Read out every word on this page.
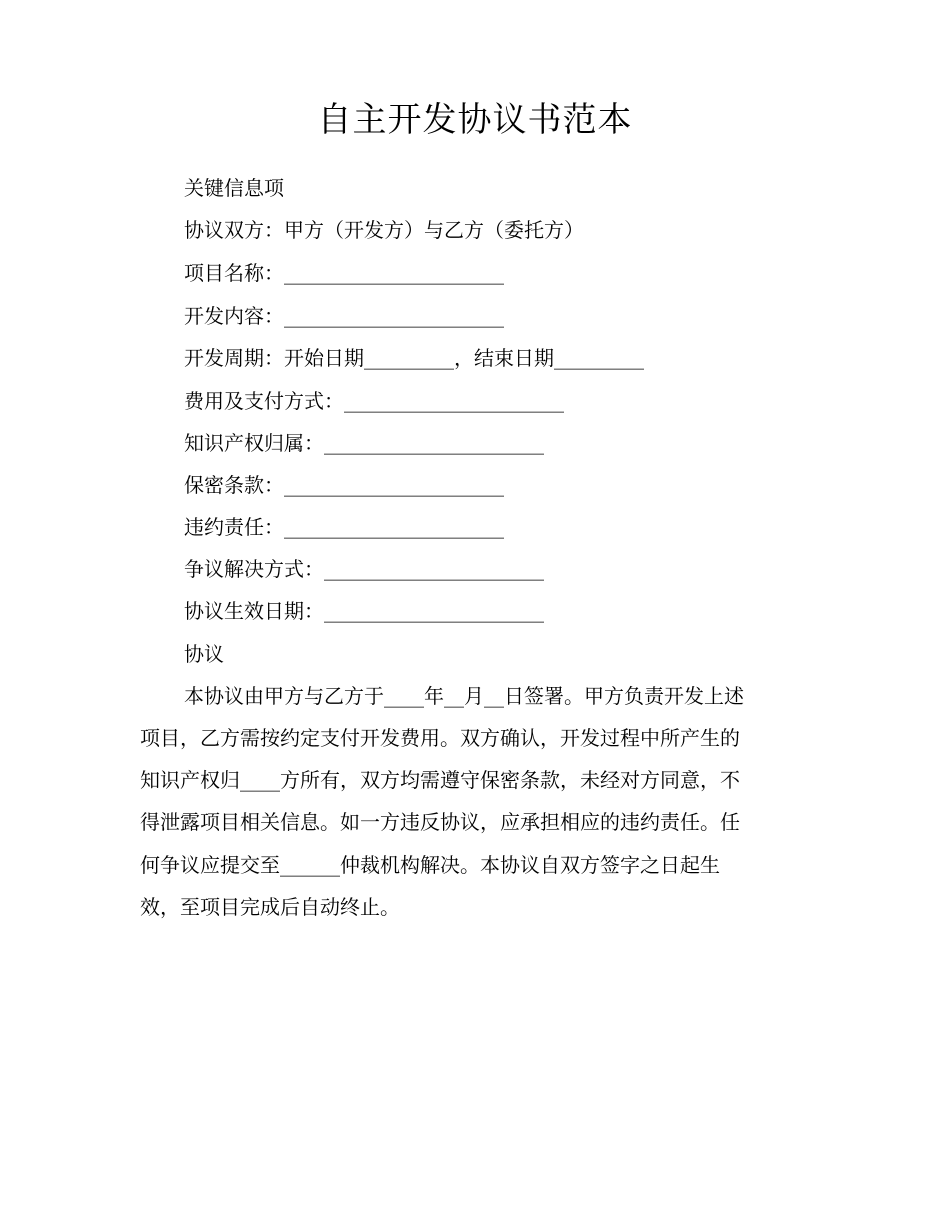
自主开发协议书范本
关键信息项
协议双方：甲方（开发方）与乙方（委托方）
项目名称：______________________
开发内容：______________________
开发周期：开始日期_________，结束日期_________
费用及支付方式：______________________
知识产权归属：______________________
保密条款：______________________
违约责任：______________________
争议解决方式：______________________
协议生效日期：______________________
协议
本协议由甲方与乙方于____年__月__日签署。甲方负责开发上述
项目，乙方需按约定支付开发费用。双方确认，开发过程中所产生的
知识产权归____方所有，双方均需遵守保密条款，未经对方同意，不
得泄露项目相关信息。如一方违反协议，应承担相应的违约责任。任
何争议应提交至______仲裁机构解决。本协议自双方签字之日起生
效，至项目完成后自动终止。
